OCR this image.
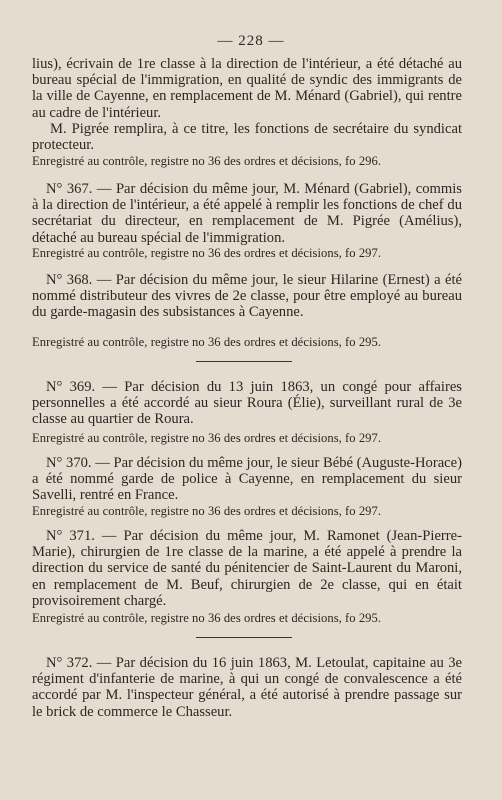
— 228 —
lius), écrivain de 1re classe à la direction de l'intérieur, a été détaché au bureau spécial de l'immigration, en qualité de syndic des immigrants de la ville de Cayenne, en remplacement de M. Ménard (Gabriel), qui rentre au cadre de l'intérieur.
M. Pigrée remplira, à ce titre, les fonctions de secrétaire du syndicat protecteur.
Enregistré au contrôle, registre no 36 des ordres et décisions, fo 296.
N° 367. — Par décision du même jour, M. Ménard (Gabriel), commis à la direction de l'intérieur, a été appelé à remplir les fonctions de chef du secrétariat du directeur, en remplacement de M. Pigrée (Amélius), détaché au bureau spécial de l'immigration.
Enregistré au contrôle, registre no 36 des ordres et décisions, fo 297.
N° 368. — Par décision du même jour, le sieur Hilarine (Ernest) a été nommé distributeur des vivres de 2e classe, pour être employé au bureau du garde-magasin des subsistances à Cayenne.
Enregistré au contrôle, registre no 36 des ordres et décisions, fo 295.
N° 369. — Par décision du 13 juin 1863, un congé pour affaires personnelles a été accordé au sieur Roura (Élie), surveillant rural de 3e classe au quartier de Roura.
Enregistré au contrôle, registre no 36 des ordres et décisions, fo 297.
N° 370. — Par décision du même jour, le sieur Bébé (Auguste-Horace) a été nommé garde de police à Cayenne, en remplacement du sieur Savelli, rentré en France.
Enregistré au contrôle, registre no 36 des ordres et décisions, fo 297.
N° 371. — Par décision du même jour, M. Ramonet (Jean-Pierre-Marie), chirurgien de 1re classe de la marine, a été appelé à prendre la direction du service de santé du pénitencier de Saint-Laurent du Maroni, en remplacement de M. Beuf, chirurgien de 2e classe, qui en était provisoirement chargé.
Enregistré au contrôle, registre no 36 des ordres et décisions, fo 295.
N° 372. — Par décision du 16 juin 1863, M. Letoulat, capitaine au 3e régiment d'infanterie de marine, à qui un congé de convalescence a été accordé par M. l'inspecteur général, a été autorisé à prendre passage sur le brick de commerce le Chasseur.
